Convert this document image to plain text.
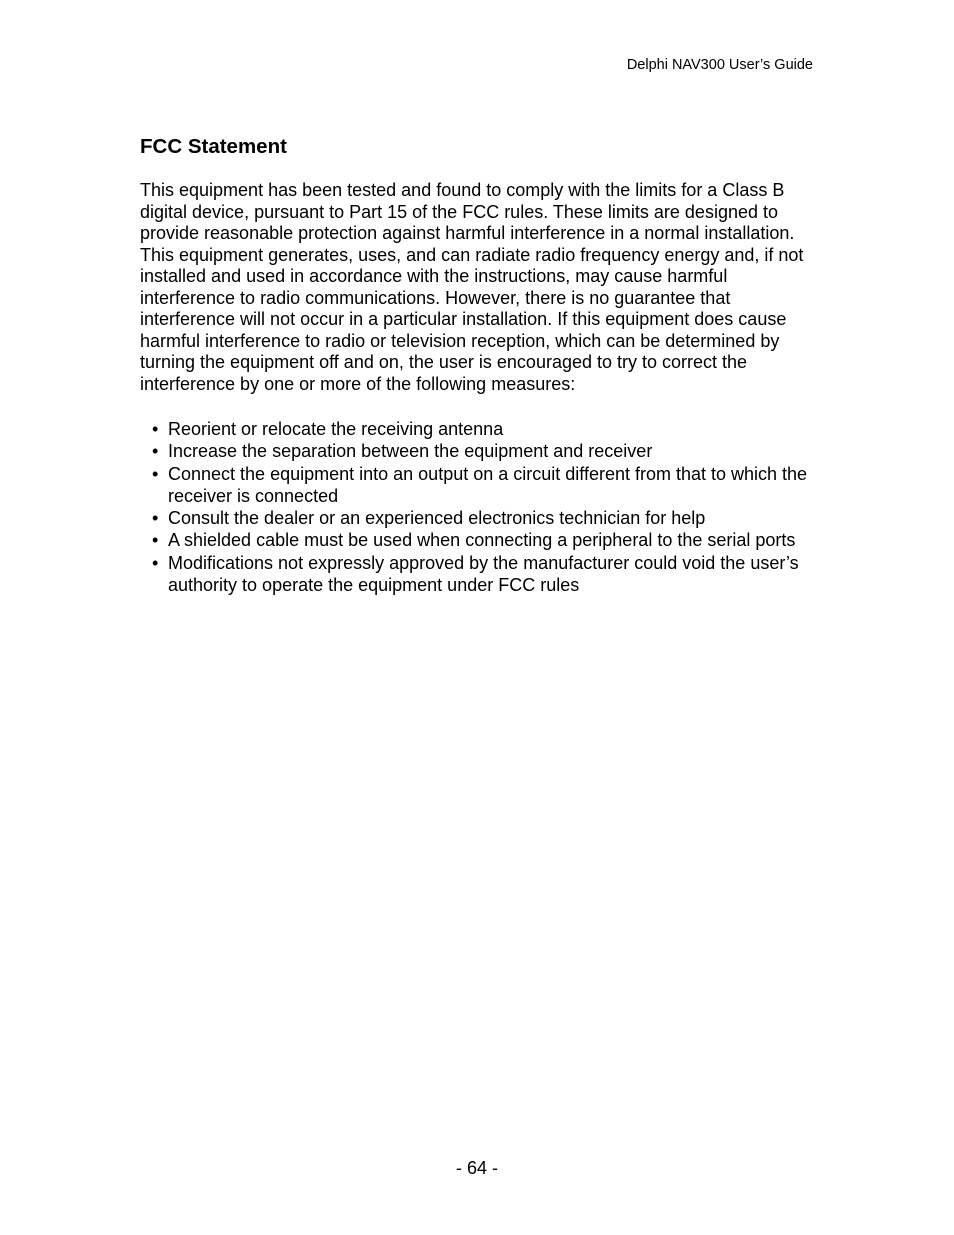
Delphi NAV300 User’s Guide
FCC Statement

This equipment has been tested and found to comply with the limits for a Class B digital device, pursuant to Part 15 of the FCC rules. These limits are designed to provide reasonable protection against harmful interference in a normal installation. This equipment generates, uses, and can radiate radio frequency energy and, if not installed and used in accordance with the instructions, may cause harmful interference to radio communications. However, there is no guarantee that interference will not occur in a particular installation. If this equipment does cause harmful interference to radio or television reception, which can be determined by turning the equipment off and on, the user is encouraged to try to correct the interference by one or more of the following measures:

• Reorient or relocate the receiving antenna
• Increase the separation between the equipment and receiver
• Connect the equipment into an output on a circuit different from that to which the receiver is connected
• Consult the dealer or an experienced electronics technician for help
• A shielded cable must be used when connecting a peripheral to the serial ports
• Modifications not expressly approved by the manufacturer could void the user’s authority to operate the equipment under FCC rules
- 64 -
